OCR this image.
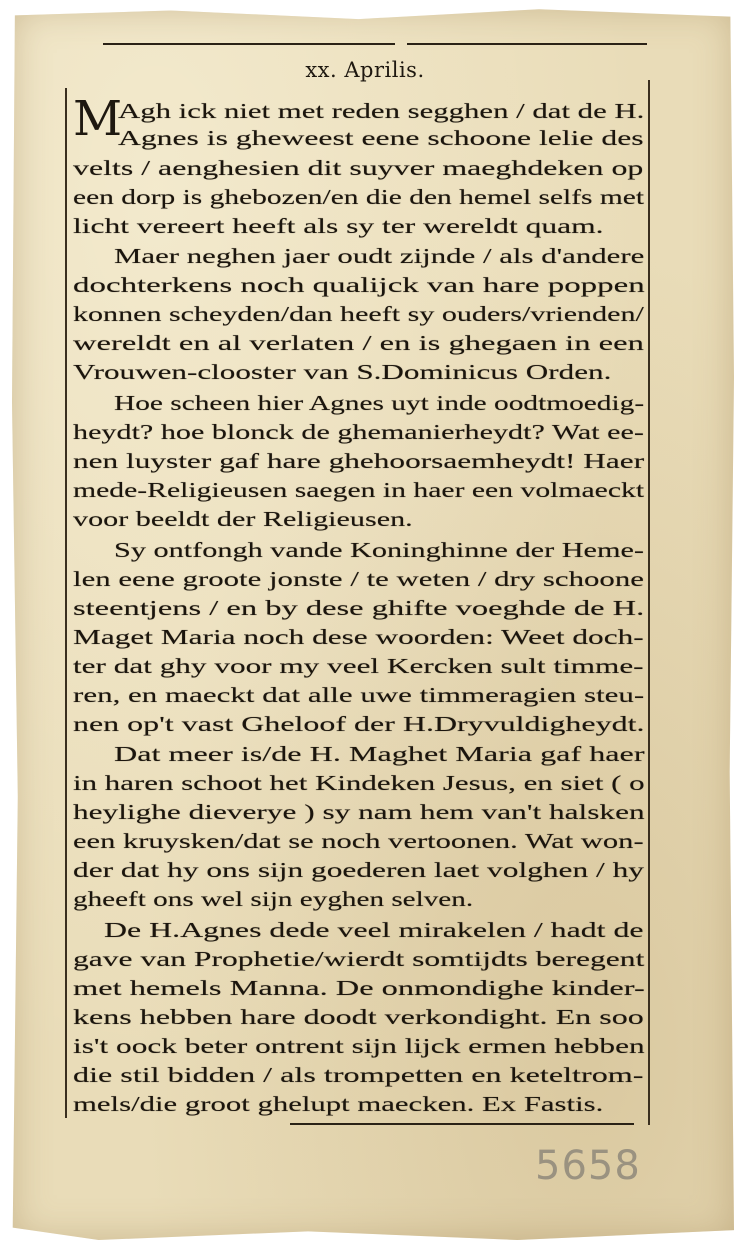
xx. Aprilis.
M
Agh ick niet met reden segghen / dat de H.
Agnes is gheweest eene schoone lelie des
velts / aenghesien dit suyver maeghdeken op
een dorp is ghebozen/en die den hemel selfs met
licht vereert heeft als sy ter wereldt quam.
Maer neghen jaer oudt zijnde / als d'andere
dochterkens noch qualijck van hare poppen
konnen scheyden/dan heeft sy ouders/vrienden/
wereldt en al verlaten / en is ghegaen in een
Vrouwen-clooster van S.Dominicus Orden.
Hoe scheen hier Agnes uyt inde oodtmoedig-
heydt? hoe blonck de ghemanierheydt? Wat ee-
nen luyster gaf hare ghehoorsaemheydt! Haer
mede-Religieusen saegen in haer een volmaeckt
voor beeldt der Religieusen.
Sy ontfongh vande Koninghinne der Heme-
len eene groote jonste / te weten / dry schoone
steentjens / en by dese ghifte voeghde de H.
Maget Maria noch dese woorden: Weet doch-
ter dat ghy voor my veel Kercken sult timme-
ren, en maeckt dat alle uwe timmeragien steu-
nen op't vast Gheloof der H.Dryvuldigheydt.
Dat meer is/de H. Maghet Maria gaf haer
in haren schoot het Kindeken Jesus, en siet ( o
heylighe dieverye ) sy nam hem van't halsken
een kruysken/dat se noch vertoonen. Wat won-
der dat hy ons sijn goederen laet volghen / hy
gheeft ons wel sijn eyghen selven.
De H.Agnes dede veel mirakelen / hadt de
gave van Prophetie/wierdt somtijdts beregent
met hemels Manna. De onmondighe kinder-
kens hebben hare doodt verkondight. En soo
is't oock beter ontrent sijn lijck ermen hebben
die stil bidden / als trompetten en keteltrom-
mels/die groot ghelupt maecken. Ex Fastis.
5658
